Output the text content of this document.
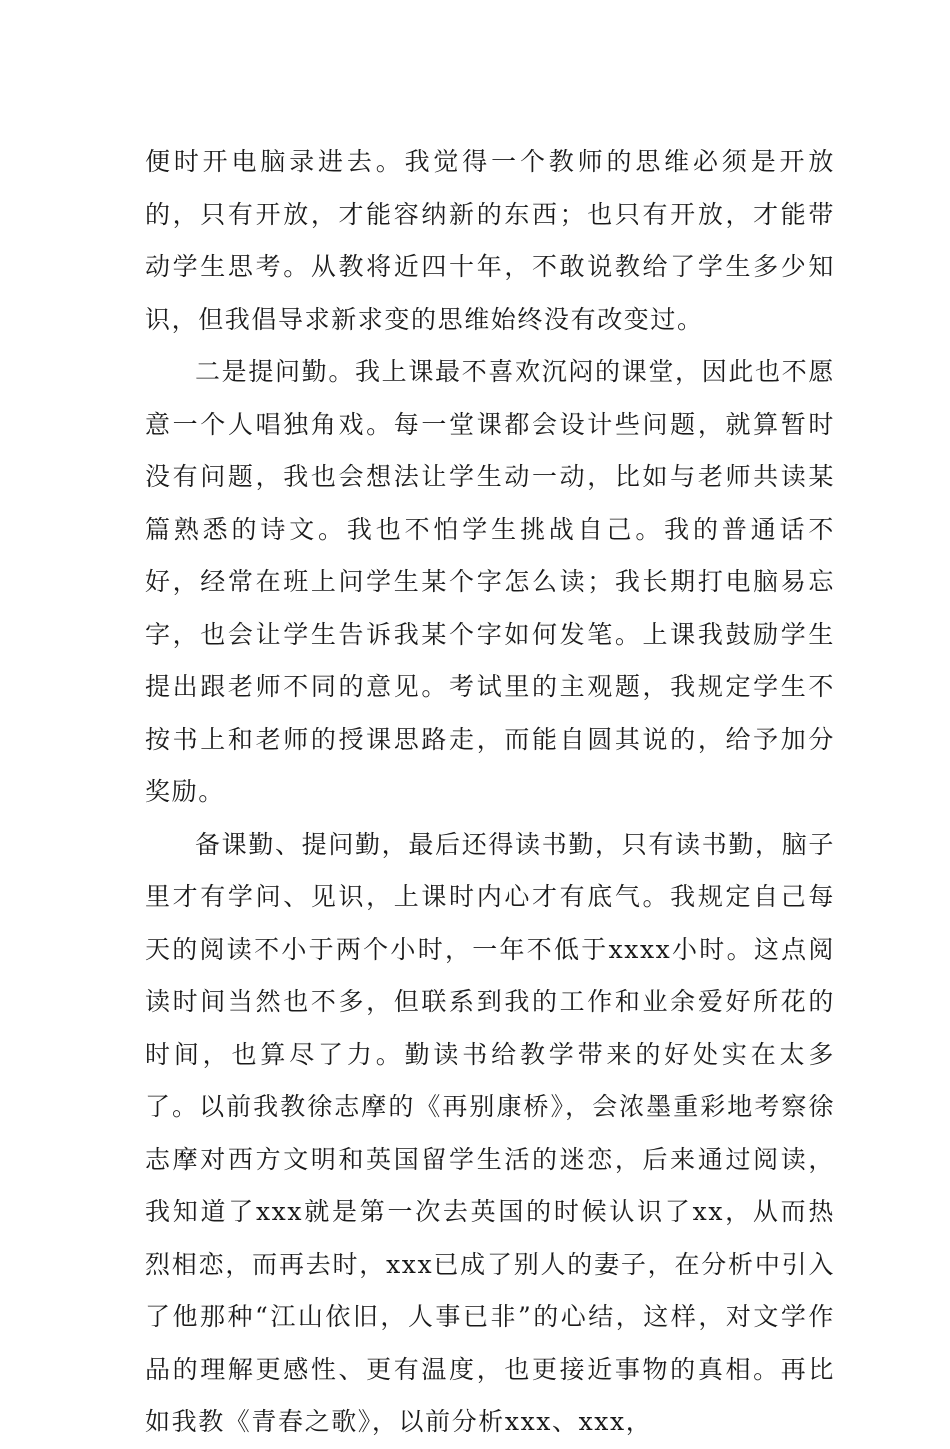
便时开电脑录进去。我觉得一个教师的思维必须是开放的，只有开放，才能容纳新的东西；也只有开放，才能带动学生思考。从教将近四十年，不敢说教给了学生多少知识，但我倡导求新求变的思维始终没有改变过。

二是提问勤。我上课最不喜欢沉闷的课堂，因此也不愿意一个人唱独角戏。每一堂课都会设计些问题，就算暂时没有问题，我也会想法让学生动一动，比如与老师共读某篇熟悉的诗文。我也不怕学生挑战自己。我的普通话不好，经常在班上问学生某个字怎么读；我长期打电脑易忘字，也会让学生告诉我某个字如何发笔。上课我鼓励学生提出跟老师不同的意见。考试里的主观题，我规定学生不按书上和老师的授课思路走，而能自圆其说的，给予加分奖励。

备课勤、提问勤，最后还得读书勤，只有读书勤，脑子里才有学问、见识，上课时内心才有底气。我规定自己每天的阅读不小于两个小时，一年不低于xxxx小时。这点阅读时间当然也不多，但联系到我的工作和业余爱好所花的时间，也算尽了力。勤读书给教学带来的好处实在太多了。以前我教徐志摩的《再别康桥》，会浓墨重彩地考察徐志摩对西方文明和英国留学生活的迷恋，后来通过阅读，我知道了xxx就是第一次去英国的时候认识了xx，从而热烈相恋，而再去时，xxx已成了别人的妻子，在分析中引入了他那种“江山依旧，人事已非”的心结，这样，对文学作品的理解更感性、更有温度，也更接近事物的真相。再比如我教《青春之歌》，以前分析xxx、xxx，
